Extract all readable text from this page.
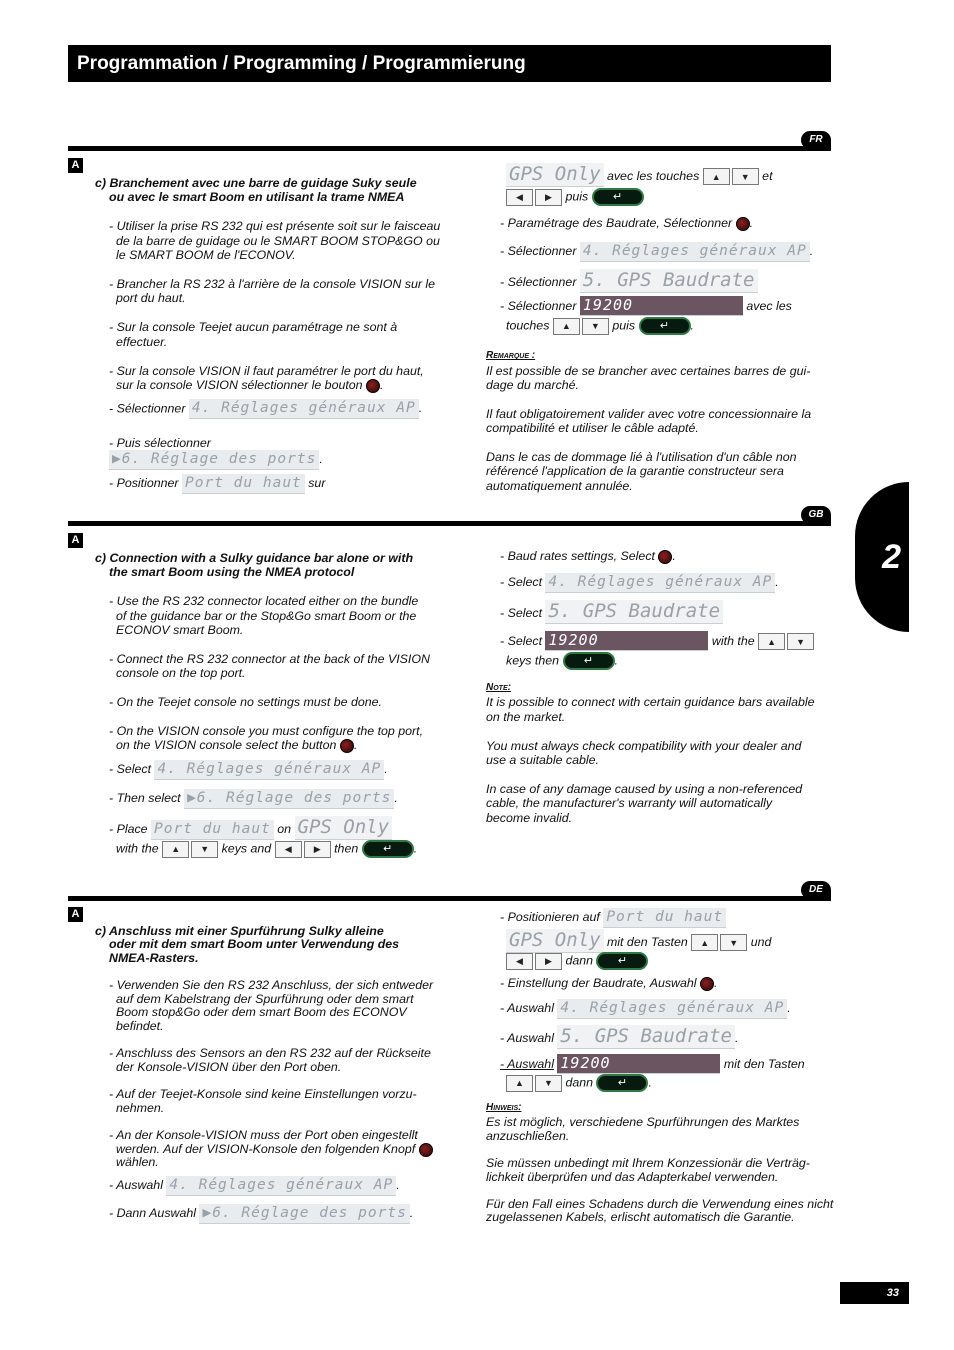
Programmation / Programming / Programmierung
FR
A
c) Branchement avec une barre de guidage Suky seule
ou avec le smart Boom en utilisant la trame NMEA
- Utiliser la prise RS 232 qui est présente soit sur le faisceau
de la barre de guidage ou le SMART BOOM STOP&GO ou
le SMART BOOM de l'ECONOV.
- Brancher la RS 232 à l'arrière de la console VISION sur le
port du haut.
- Sur la console Teejet aucun paramétrage ne sont à
effectuer.
- Sur la console VISION il faut paramétrer le port du haut,
sur la console VISION sélectionner le bouton .
- Sélectionner 4. Réglages généraux AP .
- Puis sélectionner
▶6. Réglage des ports .
- Positionner Port du haut sur
GPS Only avec les touches	▲	▼	et
◀	▶	puis ↵
- Paramétrage des Baudrate, Sélectionner .
- Sélectionner 4. Réglages généraux AP .
- Sélectionner 5. GPS Baudrate
- Sélectionner 19200	avec les
touches	▲	▼	puis ↵ .
Remarque :
Il est possible de se brancher avec certaines barres de gui-
dage du marché.
Il faut obligatoirement valider avec votre concessionnaire la
compatibilité et utiliser le câble adapté.
Dans le cas de dommage lié à l'utilisation d'un câble non
référencé l'application de la garantie constructeur sera
automatiquement annulée.
2
GB
A
c) Connection with a Sulky guidance bar alone or with
the smart Boom using the NMEA protocol
- Use the RS 232 connector located either on the bundle
of the guidance bar or the Stop&Go smart Boom or the
ECONOV smart Boom.
- Connect the RS 232 connector at the back of the VISION
console on the top port.
- On the Teejet console no settings must be done.
- On the VISION console you must configure the top port,
on the VISION console select the button .
- Select 4. Réglages généraux AP .
- Then select ▶6. Réglage des ports .
- Place Port du haut on GPS Only
with the	▲	▼	keys and	◀	▶	then ↵ .
- Baud rates settings, Select .
- Select 4. Réglages généraux AP .
- Select 5. GPS Baudrate
- Select 19200	with the	▲	▼
keys then ↵ .
Note:
It is possible to connect with certain guidance bars available
on the market.
You must always check compatibility with your dealer and
use a suitable cable.
In case of any damage caused by using a non-referenced
cable, the manufacturer's warranty will automatically
become invalid.
DE
A
c) Anschluss mit einer Spurführung Sulky alleine
oder mit dem smart Boom unter Verwendung des
NMEA-Rasters.
- Verwenden Sie den RS 232 Anschluss, der sich entweder
auf dem Kabelstrang der Spurführung oder dem smart
Boom stop&Go oder dem smart Boom des ECONOV
befindet.
- Anschluss des Sensors an den RS 232 auf der Rückseite
der Konsole-VISION über den Port oben.
- Auf der Teejet-Konsole sind keine Einstellungen vorzu-
nehmen.
- An der Konsole-VISION muss der Port oben eingestellt
werden. Auf der VISION-Konsole den folgenden Knopf
wählen.
- Auswahl 4. Réglages généraux AP .
- Dann Auswahl ▶6. Réglage des ports .
- Positionieren auf Port du haut
GPS Only mit den Tasten	▲	▼	und
◀	▶	dann ↵
- Einstellung der Baudrate, Auswahl .
- Auswahl 4. Réglages généraux AP .
- Auswahl 5. GPS Baudrate .
- Auswahl 19200	mit den Tasten
▲	▼	dann ↵ .
Hinweis:
Es ist möglich, verschiedene Spurführungen des Marktes
anzuschließen.
Sie müssen unbedingt mit Ihrem Konzessionär die Verträg-
lichkeit überprüfen und das Adapterkabel verwenden.
Für den Fall eines Schadens durch die Verwendung eines nicht
zugelassenen Kabels, erlischt automatisch die Garantie.
33
